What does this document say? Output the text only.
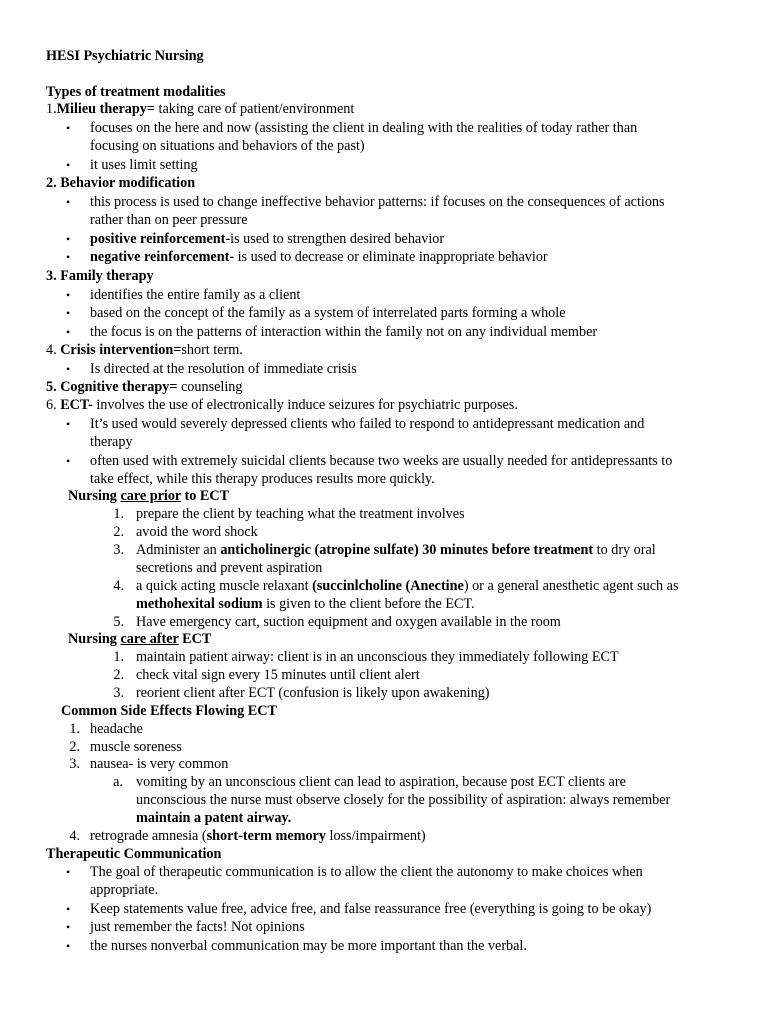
HESI Psychiatric Nursing
Types of treatment modalities
1.Milieu therapy= taking care of patient/environment
• focuses on the here and now (assisting the client in dealing with the realities of today rather than
focusing on situations and behaviors of the past)
• it uses limit setting
2. Behavior modification
• this process is used to change ineffective behavior patterns: if focuses on the consequences of actions
rather than on peer pressure
• positive reinforcement-is used to strengthen desired behavior
• negative reinforcement- is used to decrease or eliminate inappropriate behavior
3. Family therapy
• identifies the entire family as a client
• based on the concept of the family as a system of interrelated parts forming a whole
• the focus is on the patterns of interaction within the family not on any individual member
4. Crisis intervention=short term.
• Is directed at the resolution of immediate crisis
5. Cognitive therapy= counseling
6. ECT- involves the use of electronically induce seizures for psychiatric purposes.
• It’s used would severely depressed clients who failed to respond to antidepressant medication and
therapy
• often used with extremely suicidal clients because two weeks are usually needed for antidepressants to
take effect, while this therapy produces results more quickly.
Nursing care prior to ECT
1. prepare the client by teaching what the treatment involves
2. avoid the word shock
3. Administer an anticholinergic (atropine sulfate) 30 minutes before treatment to dry oral
secretions and prevent aspiration
4. a quick acting muscle relaxant (succinlcholine (Anectine) or a general anesthetic agent such as
methohexital sodium is given to the client before the ECT.
5. Have emergency cart, suction equipment and oxygen available in the room
Nursing care after ECT
1. maintain patient airway: client is in an unconscious they immediately following ECT
2. check vital sign every 15 minutes until client alert
3. reorient client after ECT (confusion is likely upon awakening)
Common Side Effects Flowing ECT
1. headache
2. muscle soreness
3. nausea- is very common
a. vomiting by an unconscious client can lead to aspiration, because post ECT clients are
unconscious the nurse must observe closely for the possibility of aspiration: always remember
maintain a patent airway.
4. retrograde amnesia (short-term memory loss/impairment)
Therapeutic Communication
• The goal of therapeutic communication is to allow the client the autonomy to make choices when
appropriate.
• Keep statements value free, advice free, and false reassurance free (everything is going to be okay)
• just remember the facts! Not opinions
• the nurses nonverbal communication may be more important than the verbal.
